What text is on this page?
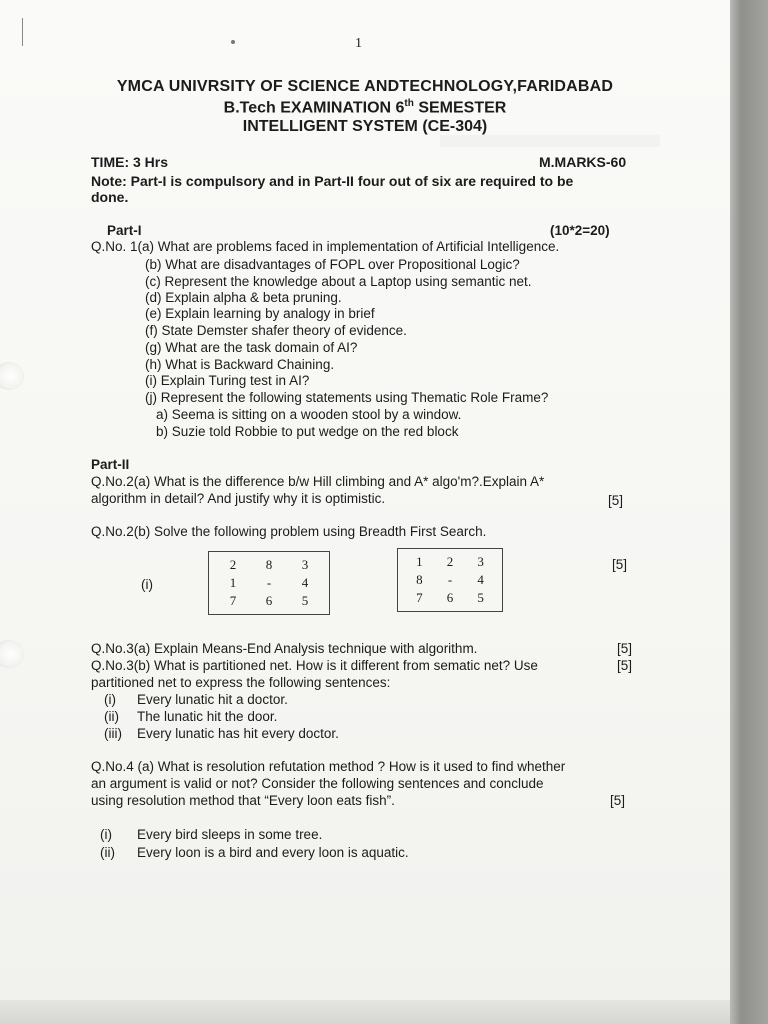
1
YMCA UNIVRSITY OF SCIENCE ANDTECHNOLOGY,FARIDABAD
B.Tech EXAMINATION 6th SEMESTER
INTELLIGENT SYSTEM (CE-304)
TIME: 3 Hrs	M.MARKS-60
Note: Part-I is compulsory and in Part-II four out of six are required to be
done.
Part-I	(10*2=20)
Q.No. 1(a) What are problems faced in implementation of Artificial Intelligence.
(b) What are disadvantages of FOPL over Propositional Logic?
(c) Represent the knowledge about a Laptop using semantic net.
(d) Explain alpha & beta pruning.
(e) Explain learning by analogy in brief
(f) State Demster shafer theory of evidence.
(g) What are the task domain of AI?
(h) What is Backward Chaining.
(i) Explain Turing test in AI?
(j) Represent the following statements using Thematic Role Frame?
a) Seema is sitting on a wooden stool by a window.
b) Suzie told Robbie to put wedge on the red block
Part-II
Q.No.2(a) What is the difference b/w Hill climbing and A* algo'm?.Explain A*
algorithm in detail? And justify why it is optimistic.	[5]
Q.No.2(b) Solve the following problem using Breadth First Search.
(i)
[5]
2	8	3
1	-	4
7	6	5
1	2	3
8	-	4
7	6	5
Q.No.3(a) Explain Means-End Analysis technique with algorithm.	[5]
Q.No.3(b) What is partitioned net. How is it different from sematic net? Use	[5]
partitioned net to express the following sentences:
(i) Every lunatic hit a doctor.
(ii) The lunatic hit the door.
(iii) Every lunatic has hit every doctor.
Q.No.4 (a) What is resolution refutation method ? How is it used to find whether
an argument is valid or not? Consider the following sentences and conclude
using resolution method that “Every loon eats fish”.	[5]
(i) Every bird sleeps in some tree.
(ii) Every loon is a bird and every loon is aquatic.
